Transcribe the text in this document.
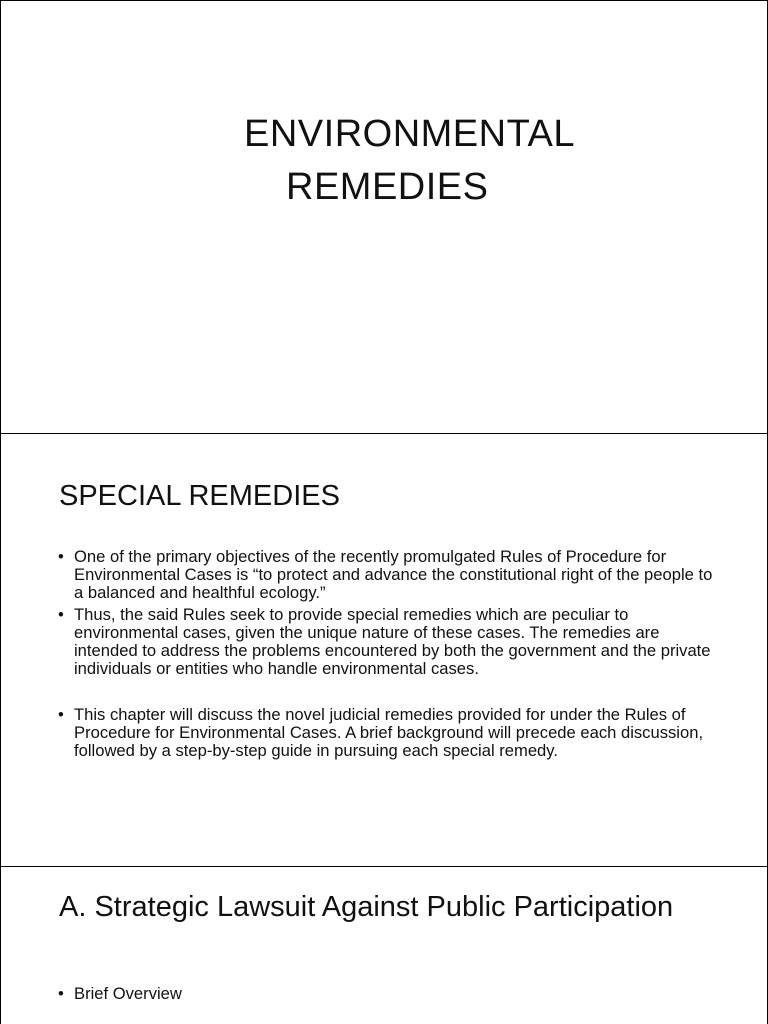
ENVIRONMENTAL
REMEDIES
SPECIAL REMEDIES
• One of the primary objectives of the recently promulgated Rules of Procedure for Environmental Cases is “to protect and advance the constitutional right of the people to a balanced and healthful ecology.”
• Thus, the said Rules seek to provide special remedies which are peculiar to environmental cases, given the unique nature of these cases. The remedies are intended to address the problems encountered by both the government and the private individuals or entities who handle environmental cases.
• This chapter will discuss the novel judicial remedies provided for under the Rules of Procedure for Environmental Cases. A brief background will precede each discussion, followed by a step-by-step guide in pursuing each special remedy.
A. Strategic Lawsuit Against Public Participation
• Brief Overview
